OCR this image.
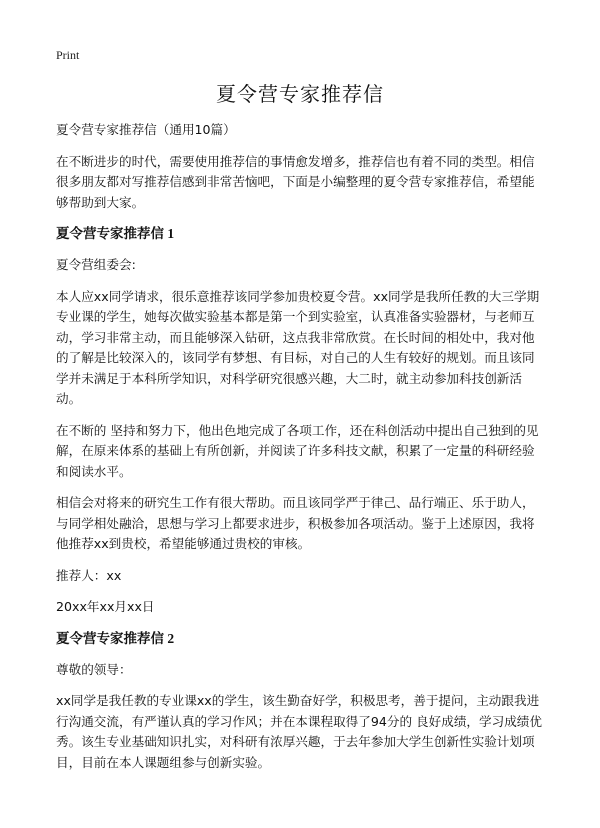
Print
夏令营专家推荐信

夏令营专家推荐信（通用10篇）

在不断进步的时代，需要使用推荐信的事情愈发增多，推荐信也有着不同的类型。相信很多朋友都对写推荐信感到非常苦恼吧，下面是小编整理的夏令营专家推荐信，希望能够帮助到大家。

夏令营专家推荐信 1

夏令营组委会:

本人应xx同学请求，很乐意推荐该同学参加贵校夏令营。xx同学是我所任教的大三学期专业课的学生，她每次做实验基本都是第一个到实验室，认真准备实验器材，与老师互动，学习非常主动，而且能够深入钻研，这点我非常欣赏。在长时间的相处中，我对他的了解是比较深入的，该同学有梦想、有目标，对自己的人生有较好的规划。而且该同学并未满足于本科所学知识，对科学研究很感兴趣，大二时，就主动参加科技创新活动。

在不断的 坚持和努力下，他出色地完成了各项工作，还在科创活动中提出自己独到的见解，在原来体系的基础上有所创新，并阅读了许多科技文献，积累了一定量的科研经验和阅读水平。

相信会对将来的研究生工作有很大帮助。而且该同学严于律己、品行端正、乐于助人，与同学相处融洽，思想与学习上都要求进步，积极参加各项活动。鉴于上述原因，我将他推荐xx到贵校，希望能够通过贵校的审核。

推荐人：xx

20xx年xx月xx日

夏令营专家推荐信 2

尊敬的领导：

xx同学是我任教的专业课xx的学生，该生勤奋好学，积极思考，善于提问，主动跟我进行沟通交流，有严谨认真的学习作风；并在本课程取得了94分的 良好成绩，学习成绩优秀。该生专业基础知识扎实，对科研有浓厚兴趣，于去年参加大学生创新性实验计划项目，目前在本人课题组参与创新实验。
